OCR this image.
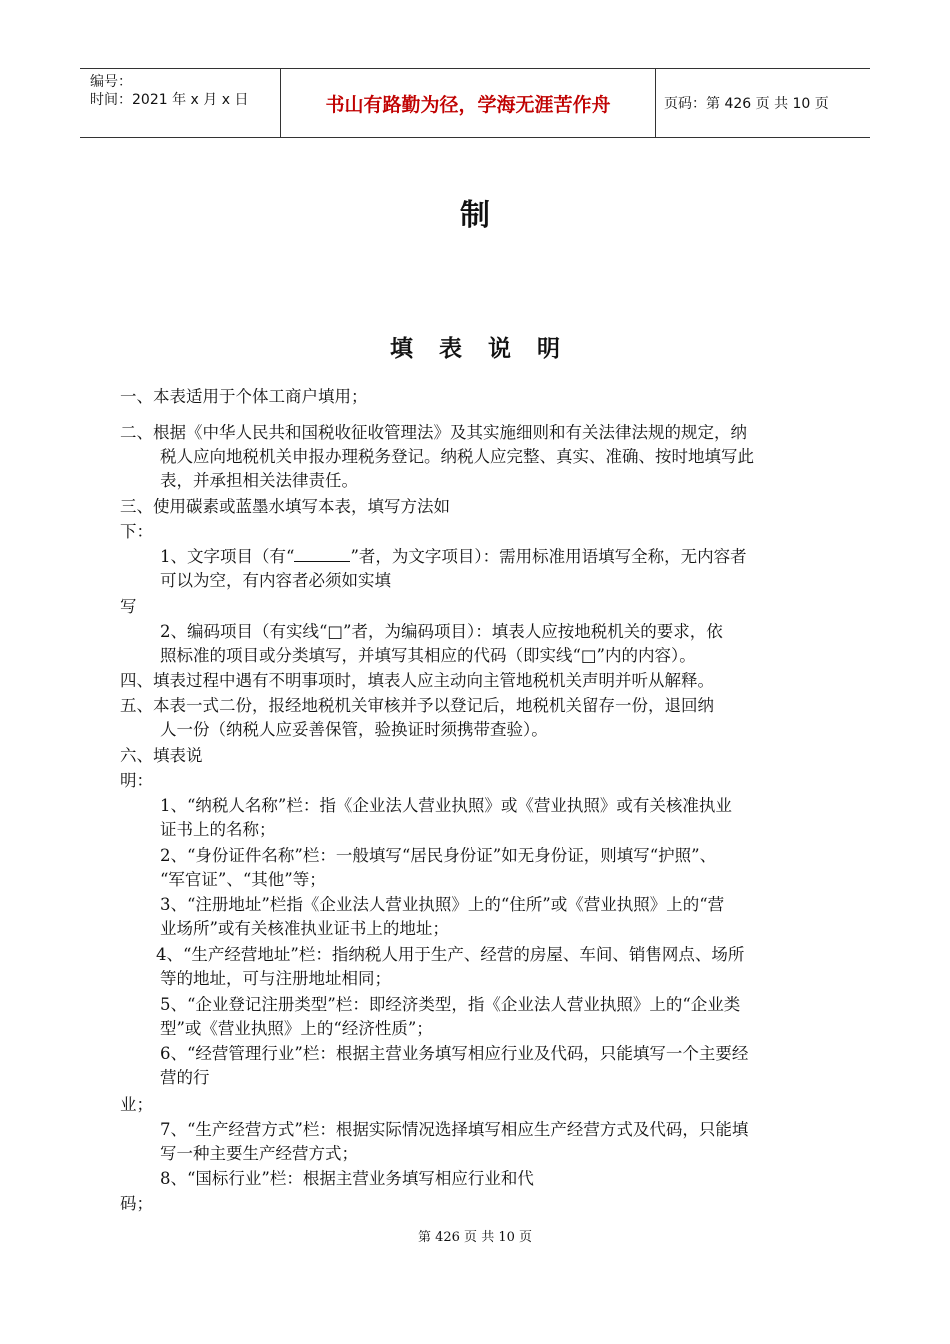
编号：
时间：2021 年 x 月 x 日	书山有路勤为径，学海无涯苦作舟	页码：第 426 页 共 10 页
制
填表说明
一、本表适用于个体工商户填用；
二、根据《中华人民共和国税收征收管理法》及其实施细则和有关法律法规的规定，纳
税人应向地税机关申报办理税务登记。纳税人应完整、真实、准确、按时地填写此
表，并承担相关法律责任。
三、使用碳素或蓝墨水填写本表，填写方法如
下：
1、文字项目（有“	”者，为文字项目）：需用标准用语填写全称，无内容者
可以为空，有内容者必须如实填
写
2、编码项目（有实线“□”者，为编码项目）：填表人应按地税机关的要求，依
照标准的项目或分类填写，并填写其相应的代码（即实线“□”内的内容）。
四、填表过程中遇有不明事项时，填表人应主动向主管地税机关声明并听从解释。
五、本表一式二份，报经地税机关审核并予以登记后，地税机关留存一份，退回纳
人一份（纳税人应妥善保管，验换证时须携带查验）。
六、填表说
明：
1、“纳税人名称”栏：指《企业法人营业执照》或《营业执照》或有关核准执业
证书上的名称；
2、“身份证件名称”栏：一般填写“居民身份证”如无身份证，则填写“护照”、
“军官证”、“其他”等；
3、“注册地址”栏指《企业法人营业执照》上的“住所”或《营业执照》上的“营
业场所”或有关核准执业证书上的地址；
4、“生产经营地址”栏：指纳税人用于生产、经营的房屋、车间、销售网点、场所
等的地址，可与注册地址相同；
5、“企业登记注册类型”栏：即经济类型，指《企业法人营业执照》上的“企业类
型”或《营业执照》上的“经济性质”；
6、“经营管理行业”栏：根据主营业务填写相应行业及代码，只能填写一个主要经
营的行
业；
7、“生产经营方式”栏：根据实际情况选择填写相应生产经营方式及代码，只能填
写一种主要生产经营方式；
8、“国标行业”栏：根据主营业务填写相应行业和代
码；
第 426 页 共 10 页
